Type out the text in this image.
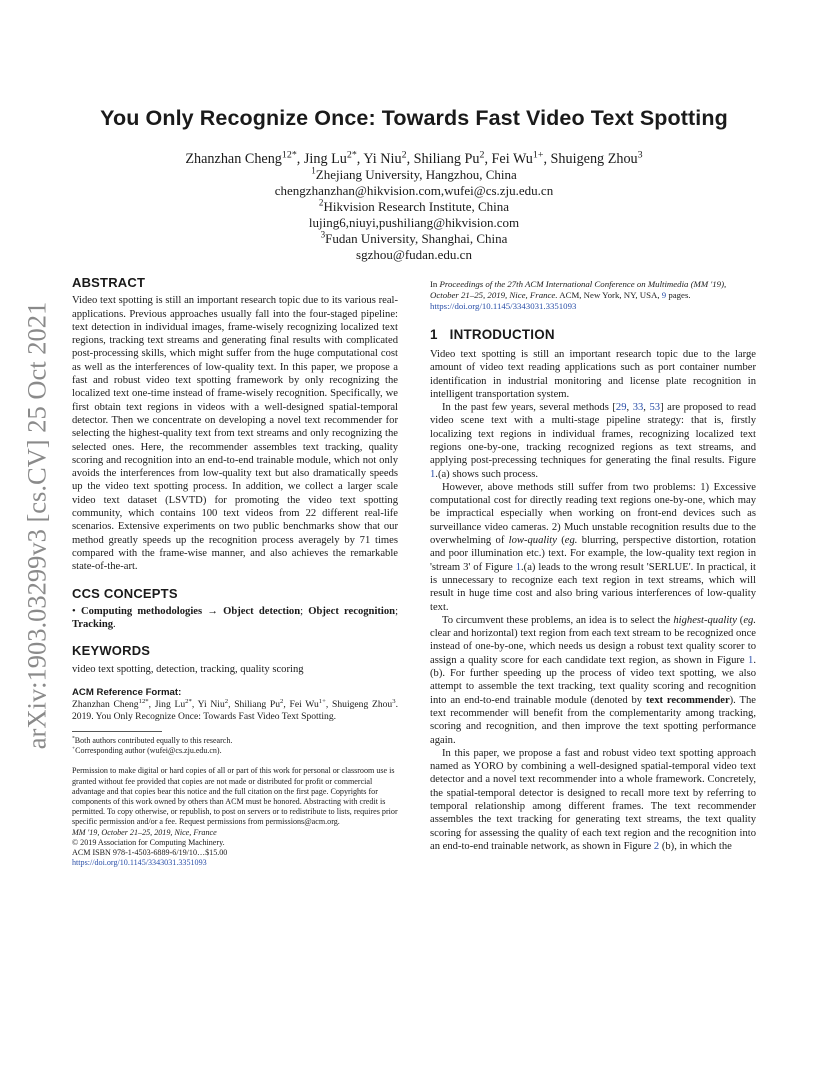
arXiv:1903.03299v3 [cs.CV] 25 Oct 2021
You Only Recognize Once: Towards Fast Video Text Spotting
Zhanzhan Cheng$^{12*}$, Jing $Lu^{2*}$, Yi Niu$^2$, Shiliang Pu$^2$, Fei $Wu^{1+}$, Shuigeng Zhou$^3$
$^1$Zhejiang University, Hangzhou, China
chengzhanzhan@hikvision.com,wufei@cs.zju.edu.cn
$^2$Hikvision Research Institute, China
lujing6,niuyi,pushiliang@hikvision.com
$^3$Fudan University, Shanghai, China
sgzhou@fudan.edu.cn
ABSTRACT

Video text spotting is still an important research topic due to its various real-applications. Previous approaches usually fall into the four-staged pipeline: text detection in individual images, frame-wisely recognizing localized text regions, tracking text streams and generating final results with complicated post-processing skills, which might suffer from the huge computational cost as well as the interferences of low-quality text. In this paper, we propose a fast and robust video text spotting framework by only recognizing the localized text one-time instead of frame-wisely recognition. Specifically, we first obtain text regions in videos with a well-designed spatial-temporal detector. Then we concentrate on developing a novel text recommender for selecting the highest-quality text from text streams and only recognizing the selected ones. Here, the recommender assembles text tracking, quality scoring and recognition into an end-to-end trainable module, which not only avoids the interferences from low-quality text but also dramatically speeds up the video text spotting process. In addition, we collect a larger scale video text dataset (LSVTD) for promoting the video text spotting community, which contains 100 text videos from 22 different real-life scenarios. Extensive experiments on two public benchmarks show that our method greatly speeds up the recognition process averagely by 71 times compared with the frame-wise manner, and also achieves the remarkable state-of-the-art.

CCS CONCEPTS

• Computing methodologies → Object detection; Object recognition; Tracking.

KEYWORDS

video text spotting, detection, tracking, quality scoring

ACM Reference Format:

Zhanzhan Cheng$^{12*}$, Jing $Lu^{2*}$, Yi Niu$^2$, Shiliang Pu$^2$, Fei $Wu^{1+}$, Shuigeng Zhou$^3$. 2019. You Only Recognize Once: Towards Fast Video Text Spotting.

*Both authors contributed equally to this research.
+Corresponding author (wufei@cs.zju.edu.cn).
Permission to make digital or hard copies of all or part of this work for personal or classroom use is granted without fee provided that copies are not made or distributed for profit or commercial advantage and that copies bear this notice and the full citation on the first page. Copyrights for components of this work owned by others than ACM must be honored. Abstracting with credit is permitted. To copy otherwise, or republish, to post on servers or to redistribute to lists, requires prior specific permission and/or a fee. Request permissions from permissions@acm.org.
MM '19, October 21–25, 2019, Nice, France
© 2019 Association for Computing Machinery.
ACM ISBN 978-1-4503-6889-6/19/10…$15.00
https://doi.org/10.1145/3343031.3351093
In Proceedings of the 27th ACM International Conference on Multimedia (MM '19), October 21–25, 2019, Nice, France. ACM, New York, NY, USA, 9 pages.
https://doi.org/10.1145/3343031.3351093
1 INTRODUCTION

Video text spotting is still an important research topic due to the large amount of video text reading applications such as port container number identification in industrial monitoring and license plate recognition in intelligent transportation system.

In the past few years, several methods [29, 33, 53] are proposed to read video scene text with a multi-stage pipeline strategy: that is, firstly localizing text regions in individual frames, recognizing localized text regions one-by-one, tracking recognized regions as text streams, and applying post-precessing techniques for generating the final results. Figure 1.(a) shows such process.

However, above methods still suffer from two problems: 1) Excessive computational cost for directly reading text regions one-by-one, which may be impractical especially when working on front-end devices such as surveillance video cameras. 2) Much unstable recognition results due to the overwhelming of low-quality (eg. blurring, perspective distortion, rotation and poor illumination etc.) text. For example, the low-quality text region in 'stream 3' of Figure 1.(a) leads to the wrong result 'SERLUE'. In practical, it is unnecessary to recognize each text region in text streams, which will result in huge time cost and also bring various interferences of low-quality text.

To circumvent these problems, an idea is to select the highest-quality (eg. clear and horizontal) text region from each text stream to be recognized once instead of one-by-one, which needs us design a robust text quality scorer to assign a quality score for each candidate text region, as shown in Figure 1.(b). For further speeding up the process of video text spotting, we also attempt to assemble the text tracking, text quality scoring and recognition into an end-to-end trainable module (denoted by text recommender). The text recommender will benefit from the complementarity among tracking, scoring and recognition, and then improve the text spotting performance again.

In this paper, we propose a fast and robust video text spotting approach named as YORO by combining a well-designed spatial-temporal video text detector and a novel text recommender into a whole framework. Concretely, the spatial-temporal detector is designed to recall more text by referring to temporal relationship among different frames. The text recommender assembles the text tracking for generating text streams, the text quality scoring for assessing the quality of each text region and the recognition into an end-to-end trainable network, as shown in Figure 2 (b), in which the
